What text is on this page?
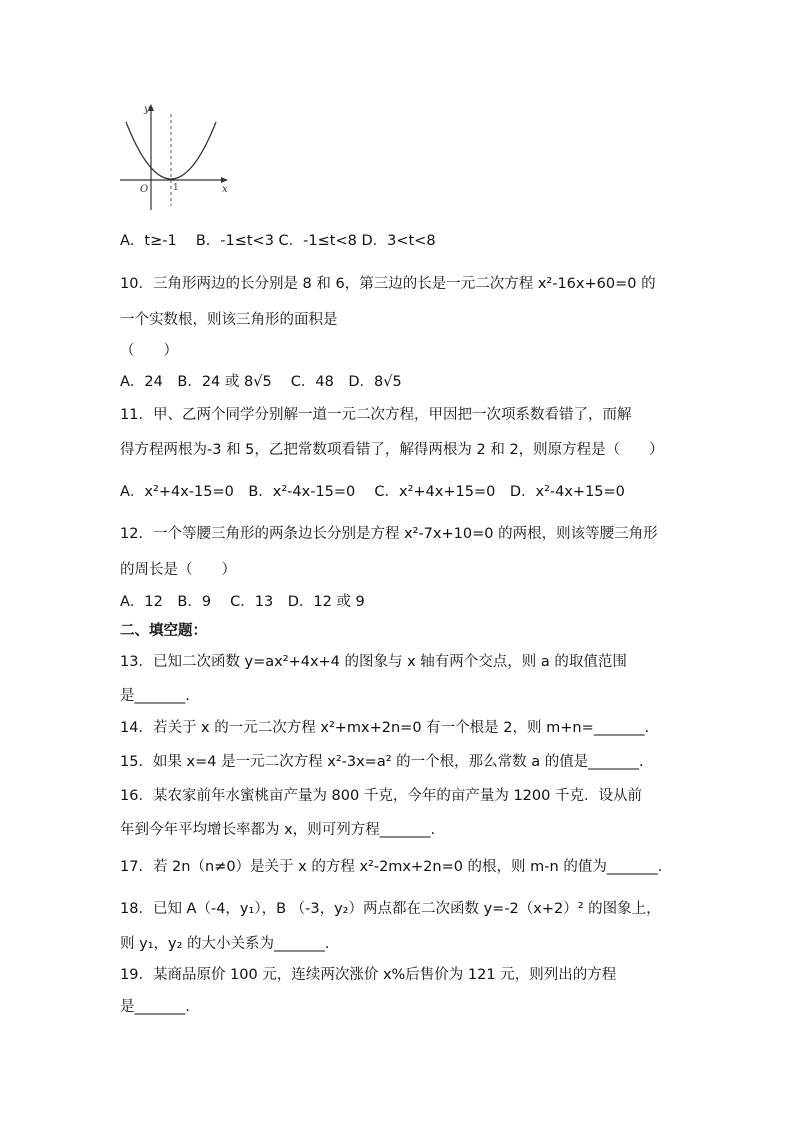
y
x
O	1
A．t≥-1　 B．-1≤t<3 C．-1≤t<8 D．3<t<8
10．三角形两边的长分别是 8 和 6，第三边的长是一元二次方程 x²-16x+60=0 的
一个实数根，则该三角形的面积是
（　　）
A．24　B．24 或 8√5　 C．48　D．8√5
11．甲、乙两个同学分别解一道一元二次方程，甲因把一次项系数看错了，而解
得方程两根为-3 和 5，乙把常数项看错了，解得两根为 2 和 2，则原方程是（　　）
A．x²+4x-15=0　B．x²-4x-15=0　 C．x²+4x+15=0　D．x²-4x+15=0
12．一个等腰三角形的两条边长分别是方程 x²-7x+10=0 的两根，则该等腰三角形
的周长是（　　）
A．12　B．9　 C．13　D．12 或 9
二、填空题：
13．已知二次函数 y=ax²+4x+4 的图象与 x 轴有两个交点，则 a 的取值范围
是_______.
14．若关于 x 的一元二次方程 x²+mx+2n=0 有一个根是 2，则 m+n=_______.
15．如果 x=4 是一元二次方程 x²-3x=a² 的一个根，那么常数 a 的值是_______.
16．某农家前年水蜜桃亩产量为 800 千克，今年的亩产量为 1200 千克．设从前
年到今年平均增长率都为 x，则可列方程_______.
17．若 2n（n≠0）是关于 x 的方程 x²-2mx+2n=0 的根，则 m-n 的值为_______.
18．已知 A（-4，y₁），B （-3，y₂）两点都在二次函数 y=-2（x+2）² 的图象上，
则 y₁，y₂ 的大小关系为_______.
19．某商品原价 100 元，连续两次涨价 x%后售价为 121 元，则列出的方程
是_______.
